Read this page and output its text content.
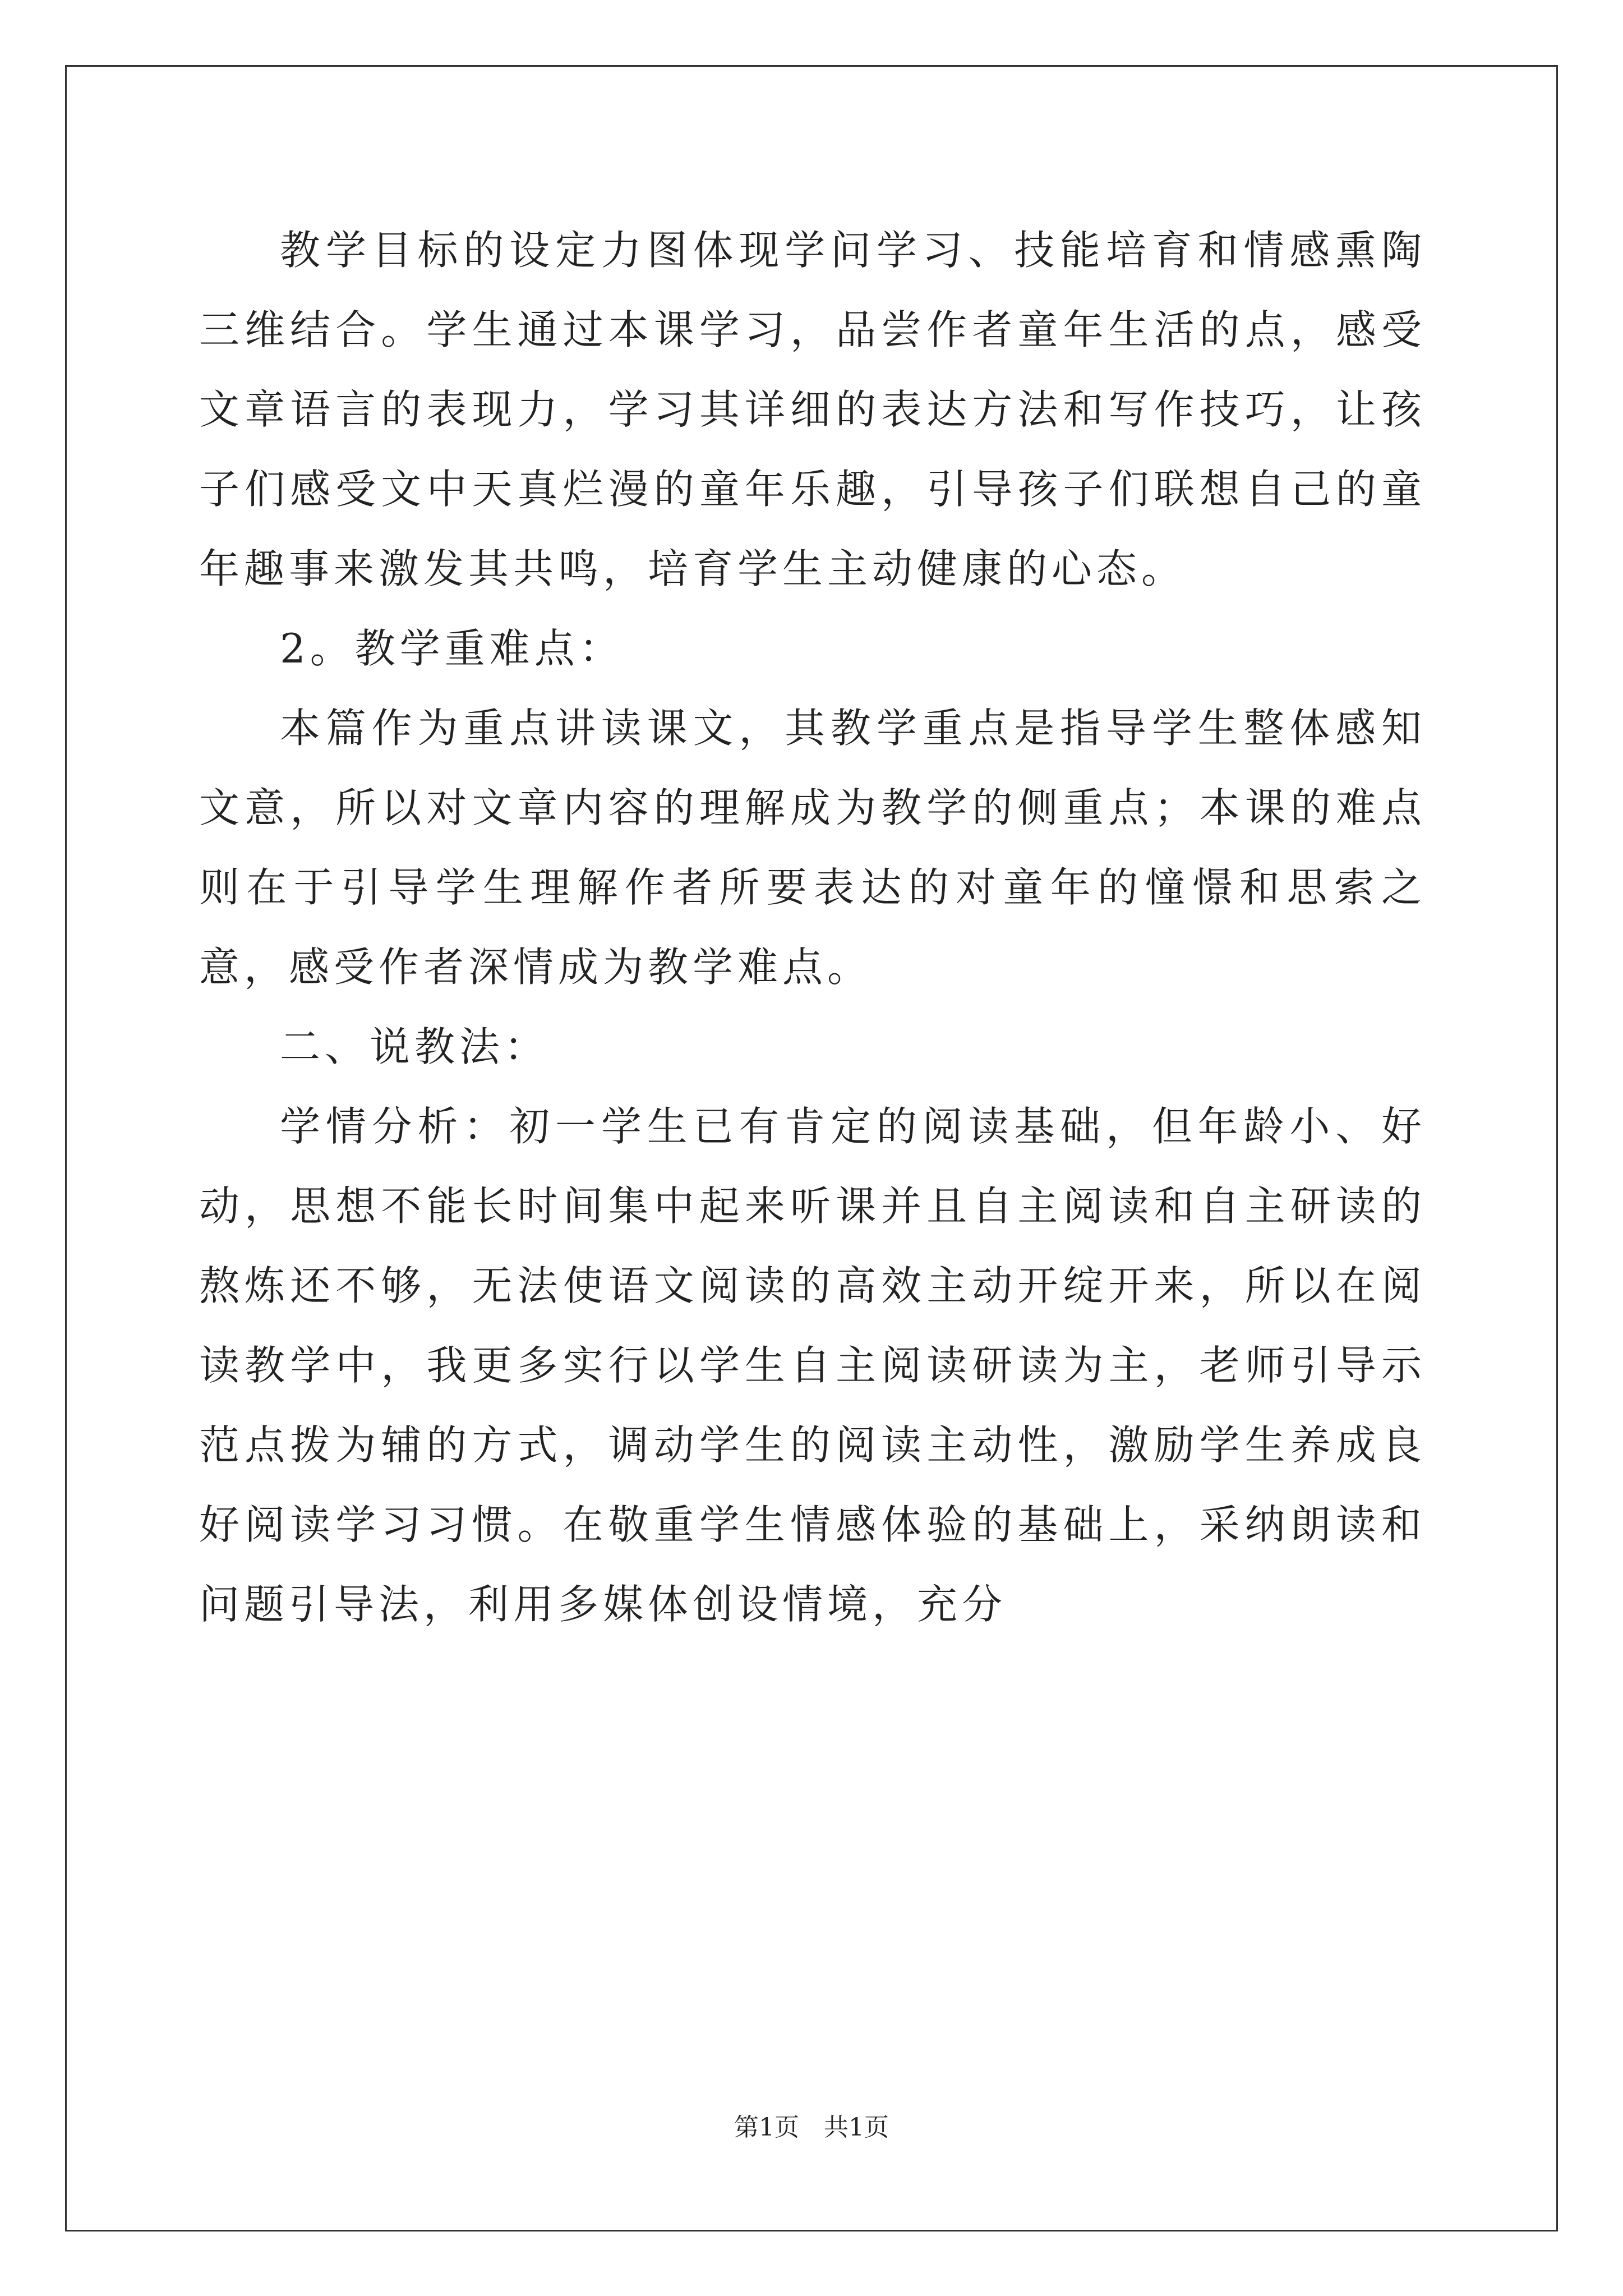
教学目标的设定力图体现学问学习、技能培育和情感熏陶三维结合。学生通过本课学习，品尝作者童年生活的点，感受文章语言的表现力，学习其详细的表达方法和写作技巧，让孩子们感受文中天真烂漫的童年乐趣，引导孩子们联想自己的童年趣事来激发其共鸣，培育学生主动健康的心态。

2。教学重难点：

本篇作为重点讲读课文，其教学重点是指导学生整体感知文意，所以对文章内容的理解成为教学的侧重点；本课的难点则在于引导学生理解作者所要表达的对童年的憧憬和思索之意，感受作者深情成为教学难点。

二、说教法：

学情分析：初一学生已有肯定的阅读基础，但年龄小、好动，思想不能长时间集中起来听课并且自主阅读和自主研读的熬炼还不够，无法使语文阅读的高效主动开绽开来，所以在阅读教学中，我更多实行以学生自主阅读研读为主，老师引导示范点拨为辅的方式，调动学生的阅读主动性，激励学生养成良好阅读学习习惯。在敬重学生情感体验的基础上，采纳朗读和问题引导法，利用多媒体创设情境，充分

第1页 共1页
